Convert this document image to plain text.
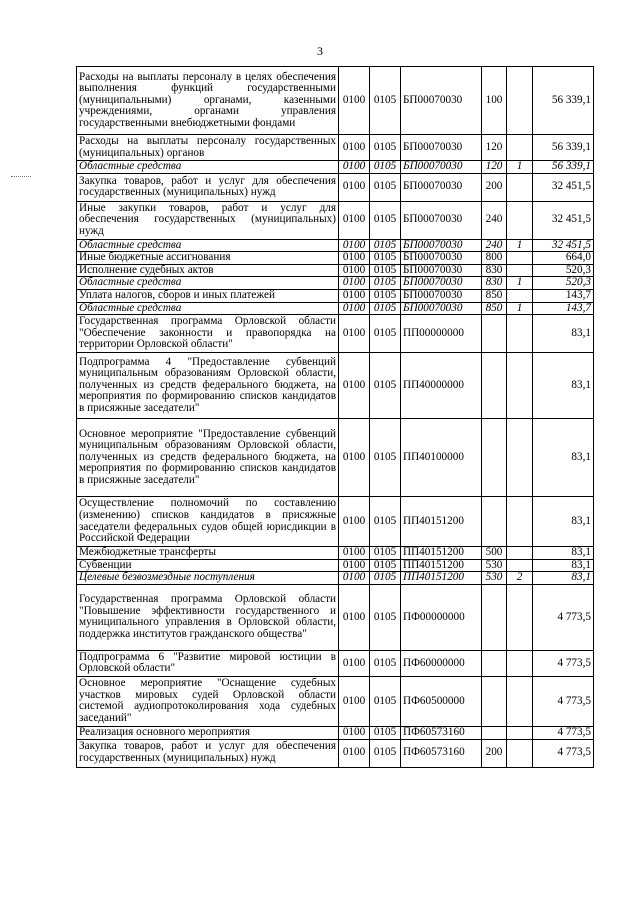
3
Расходы на выплаты персоналу в целях обеспечения выполнения функций государственными (муниципальными) органами, казенными учреждениями, органами управления государственными внебюджетными фондами	0100	0105	БП00070030	100		56 339,1
Расходы на выплаты персоналу государственных (муниципальных) органов	0100	0105	БП00070030	120		56 339,1
Областные средства	0100	0105	БП00070030	120	1	56 339,1
Закупка товаров, работ и услуг для обеспечения государственных (муниципальных) нужд	0100	0105	БП00070030	200		32 451,5
Иные закупки товаров, работ и услуг для обеспечения государственных (муниципальных) нужд	0100	0105	БП00070030	240		32 451,5
Областные средства	0100	0105	БП00070030	240	1	32 451,5
Иные бюджетные ассигнования	0100	0105	БП00070030	800		664,0
Исполнение судебных актов	0100	0105	БП00070030	830		520,3
Областные средства	0100	0105	БП00070030	830	1	520,3
Уплата налогов, сборов и иных платежей	0100	0105	БП00070030	850		143,7
Областные средства	0100	0105	БП00070030	850	1	143,7
Государственная программа Орловской области "Обеспечение законности и правопорядка на территории Орловской области"	0100	0105	ПП00000000			83,1
Подпрограмма 4 "Предоставление субвенций муниципальным образованиям Орловской области, полученных из средств федерального бюджета, на мероприятия по формированию списков кандидатов в присяжные заседатели"	0100	0105	ПП40000000			83,1
Основное мероприятие "Предоставление субвенций муниципальным образованиям Орловской области, полученных из средств федерального бюджета, на мероприятия по формированию списков кандидатов в присяжные заседатели"	0100	0105	ПП40100000			83,1
Осуществление полномочий по составлению (изменению) списков кандидатов в присяжные заседатели федеральных судов общей юрисдикции в Российской Федерации	0100	0105	ПП40151200			83,1
Межбюджетные трансферты	0100	0105	ПП40151200	500		83,1
Субвенции	0100	0105	ПП40151200	530		83,1
Целевые безвозмездные поступления	0100	0105	ПП40151200	530	2	83,1
Государственная программа Орловской области "Повышение эффективности государственного и муниципального управления в Орловской области, поддержка институтов гражданского общества"	0100	0105	ПФ00000000			4 773,5
Подпрограмма 6 "Развитие мировой юстиции в Орловской области"	0100	0105	ПФ60000000			4 773,5
Основное мероприятие "Оснащение судебных участков мировых судей Орловской области системой аудиопротоколирования хода судебных заседаний"	0100	0105	ПФ60500000			4 773,5
Реализация основного мероприятия	0100	0105	ПФ60573160			4 773,5
Закупка товаров, работ и услуг для обеспечения государственных (муниципальных) нужд	0100	0105	ПФ60573160	200		4 773,5
